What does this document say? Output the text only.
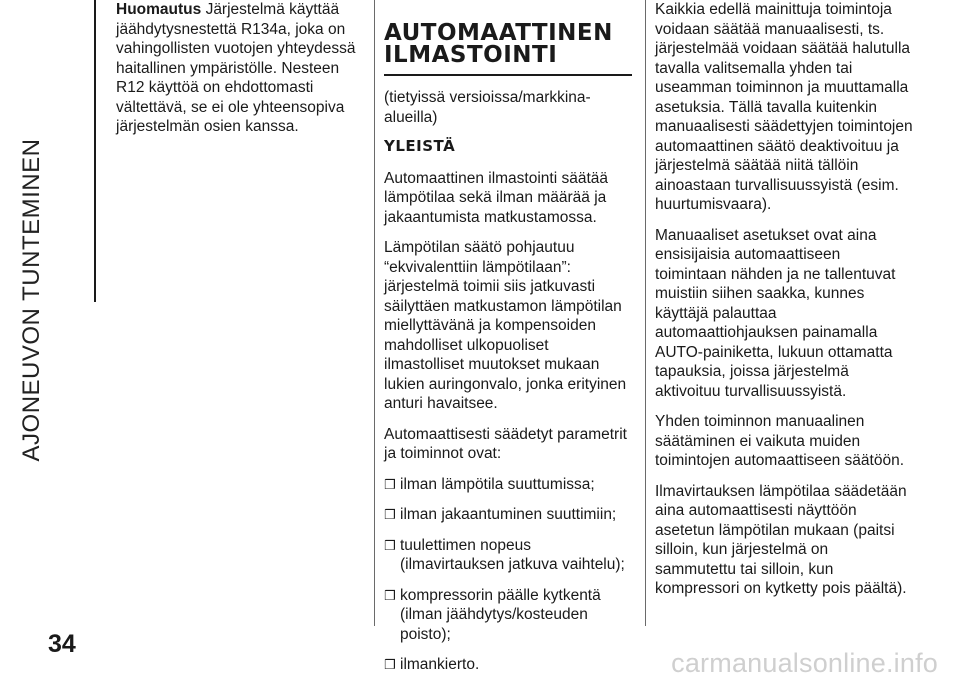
AJONEUVON TUNTEMINEN

Huomautus Järjestelmä käyttää jäähdytysnestettä R134a, joka on vahingollisten vuotojen yhteydessä haitallinen ympäristölle. Nesteen R12 käyttöä on ehdottomasti vältettävä, se ei ole yhteensopiva järjestelmän osien kanssa.

AUTOMAATTINEN ILMASTOINTI

(tietyissä versioissa/markkina-alueilla)

YLEISTÄ

Automaattinen ilmastointi säätää lämpötilaa sekä ilman määrää ja jakaantumista matkustamossa.

Lämpötilan säätö pohjautuu “ekvivalenttiin lämpötilaan”: järjestelmä toimii siis jatkuvasti säilyttäen matkustamon lämpötilan miellyttävänä ja kompensoiden mahdolliset ulkopuoliset ilmastolliset muutokset mukaan lukien auringonvalo, jonka erityinen anturi havaitsee.

Automaattisesti säädetyt parametrit ja toiminnot ovat:

❒ ilman lämpötila suuttumissa;
❒ ilman jakaantuminen suuttimiin;
❒ tuulettimen nopeus (ilmavirtauksen jatkuva vaihtelu);
❒ kompressorin päälle kytkentä (ilman jäähdytys/kosteuden poisto);
❒ ilmankierto.

Kaikkia edellä mainittuja toimintoja voidaan säätää manuaalisesti, ts. järjestelmää voidaan säätää halutulla tavalla valitsemalla yhden tai useamman toiminnon ja muuttamalla asetuksia. Tällä tavalla kuitenkin manuaalisesti säädettyjen toimintojen automaattinen säätö deaktivoituu ja järjestelmä säätää niitä tällöin ainoastaan turvallisuussyistä (esim. huurtumisvaara).

Manuaaliset asetukset ovat aina ensisijaisia automaattiseen toimintaan nähden ja ne tallentuvat muistiin siihen saakka, kunnes käyttäjä palauttaa automaattiohjauksen painamalla AUTO-painiketta, lukuun ottamatta tapauksia, joissa järjestelmä aktivoituu turvallisuussyistä.

Yhden toiminnon manuaalinen säätäminen ei vaikuta muiden toimintojen automaattiseen säätöön.

Ilmavirtauksen lämpötilaa säädetään aina automaattisesti näyttöön asetetun lämpötilan mukaan (paitsi silloin, kun järjestelmä on sammutettu tai silloin, kun kompressori on kytketty pois päältä).

34
carmanualsonline.info
